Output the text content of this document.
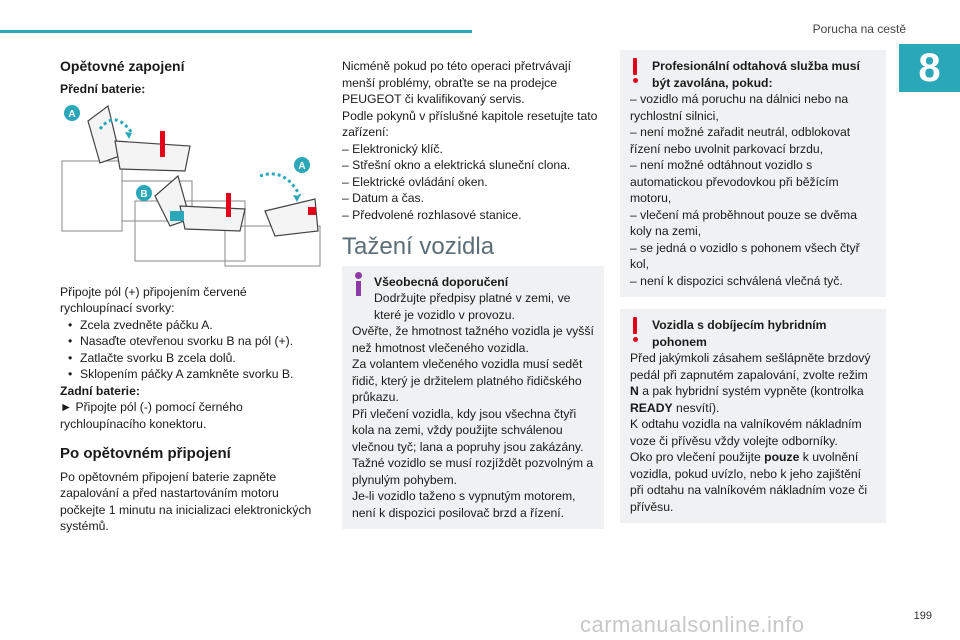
Porucha na cestě
8
Opětovné zapojení

Přední baterie:

A
B
A

Připojte pól (+) připojením červené rychloupínací svorky:

• Zcela zvedněte páčku A.
• Nasaďte otevřenou svorku B na pól (+).
• Zatlačte svorku B zcela dolů.
• Sklopením páčky A zamkněte svorku B.

Zadní baterie:

► Připojte pól (-) pomocí černého rychloupínacího konektoru.

Po opětovném připojení

Po opětovném připojení baterie zapněte zapalování a před nastartováním motoru počkejte 1 minutu na inicializaci elektronických systémů.

Nicméně pokud po této operaci přetrvávají menší problémy, obraťte se na prodejce PEUGEOT či kvalifikovaný servis.

Podle pokynů v příslušné kapitole resetujte tato zařízení:

– Elektronický klíč.

– Střešní okno a elektrická sluneční clona.

– Elektrické ovládání oken.

– Datum a čas.

– Předvolené rozhlasové stanice.

Tažení vozidla

Všeobecná doporučení

Dodržujte předpisy platné v zemi, ve které je vozidlo v provozu.

Ověřte, že hmotnost tažného vozidla je vyšší než hmotnost vlečeného vozidla.

Za volantem vlečeného vozidla musí sedět řidič, který je držitelem platného řidičského průkazu.

Při vlečení vozidla, kdy jsou všechna čtyři kola na zemi, vždy použijte schválenou vlečnou tyč; lana a popruhy jsou zakázány.

Tažné vozidlo se musí rozjíždět pozvolným a plynulým pohybem.

Je-li vozidlo taženo s vypnutým motorem, není k dispozici posilovač brzd a řízení.

Profesionální odtahová služba musí být zavolána, pokud:

– vozidlo má poruchu na dálnici nebo na rychlostní silnici,

– není možné zařadit neutrál, odblokovat řízení nebo uvolnit parkovací brzdu,

– není možné odtáhnout vozidlo s automatickou převodovkou při běžícím motoru,

– vlečení má proběhnout pouze se dvěma koly na zemi,

– se jedná o vozidlo s pohonem všech čtyř kol,

– není k dispozici schválená vlečná tyč.

Vozidla s dobíjecím hybridním pohonem

Před jakýmkoli zásahem sešlápněte brzdový pedál při zapnutém zapalování, zvolte režim N a pak hybridní systém vypněte (kontrolka READY nesvítí).

K odtahu vozidla na valníkovém nákladním voze či přívěsu vždy volejte odborníky.

Oko pro vlečení použijte pouze k uvolnění vozidla, pokud uvízlo, nebo k jeho zajištění při odtahu na valníkovém nákladním voze či přívěsu.

carmanualsonline.info	199
